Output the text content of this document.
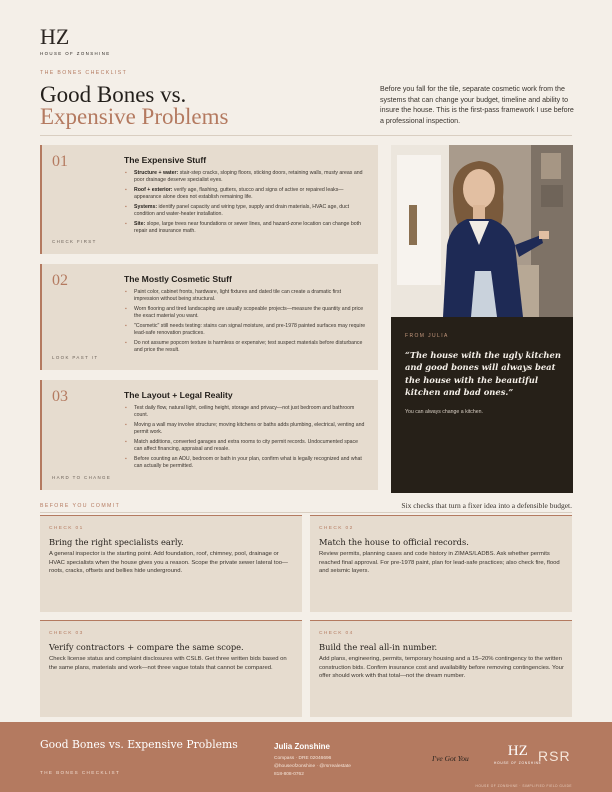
HZ
HOUSE OF ZONSHINE
THE BONES CHECKLIST
Good Bones vs.
Expensive Problems
Before you fall for the tile, separate cosmetic work from the systems that can change your budget, timeline and ability to insure the house. This is the first-pass framework I use before a professional inspection.
01	The Expensive Stuff
▪ Structure + water: stair-step cracks, sloping floors, sticking doors, retaining walls, musty areas and poor drainage deserve specialist eyes.
▪ Roof + exterior: verify age, flashing, gutters, stucco and signs of active or repaired leaks—appearance alone does not establish remaining life.
▪ Systems: identify panel capacity and wiring type, supply and drain materials, HVAC age, duct condition and water-heater installation.
▪ Site: slope, large trees near foundations or sewer lines, and hazard-zone location can change both repair and insurance math.
CHECK FIRST
02	The Mostly Cosmetic Stuff
▪ Paint color, cabinet fronts, hardware, light fixtures and dated tile can create a dramatic first impression without being structural.
▪ Worn flooring and tired landscaping are usually scopeable projects—measure the quantity and price the exact material you want.
▪ "Cosmetic" still needs testing: stains can signal moisture, and pre-1978 painted surfaces may require lead-safe renovation practices.
▪ Do not assume popcorn texture is harmless or expensive; test suspect materials before disturbance and price the result.
LOOK PAST IT
03	The Layout + Legal Reality
▪ Test daily flow, natural light, ceiling height, storage and privacy—not just bedroom and bathroom count.
▪ Moving a wall may involve structure; moving kitchens or baths adds plumbing, electrical, venting and permit work.
▪ Match additions, converted garages and extra rooms to city permit records. Undocumented space can affect financing, appraisal and resale.
▪ Before counting an ADU, bedroom or bath in your plan, confirm what is legally recognized and what can actually be permitted.
HARD TO CHANGE
FROM JULIA
“The house with the ugly kitchen and good bones will always beat the house with the beautiful kitchen and bad ones.”
You can always change a kitchen.
BEFORE YOU COMMIT	Six checks that turn a fixer idea into a defensible budget.
CHECK 01
Bring the right specialists early.
A general inspector is the starting point. Add foundation, roof, chimney, pool, drainage or HVAC specialists when the house gives you a reason. Scope the private sewer lateral too—roots, cracks, offsets and bellies hide underground.
CHECK 02
Match the house to official records.
Review permits, planning cases and code history in ZIMAS/LADBS. Ask whether permits reached final approval. For pre-1978 paint, plan for lead-safe practices; also check fire, flood and seismic layers.
CHECK 03
Verify contractors + compare the same scope.
Check license status and complaint disclosures with CSLB. Get three written bids based on the same plans, materials and work—not three vague totals that cannot be compared.
CHECK 04
Build the real all-in number.
Add plans, engineering, permits, temporary housing and a 15–20% contingency to the written construction bids. Confirm insurance cost and availability before removing contingencies. Your offer should work with that total—not the dream number.
Good Bones vs. Expensive Problems
THE BONES CHECKLIST
Julia Zonshine
Compass · DRE 02046696
@houseofzonshine · @rsrrealestate
818-808-0762
I've Got You	HZ
HOUSE OF ZONSHINE
RSR
HOUSE OF ZONSHINE · SIMPLIFIED FIELD GUIDE
